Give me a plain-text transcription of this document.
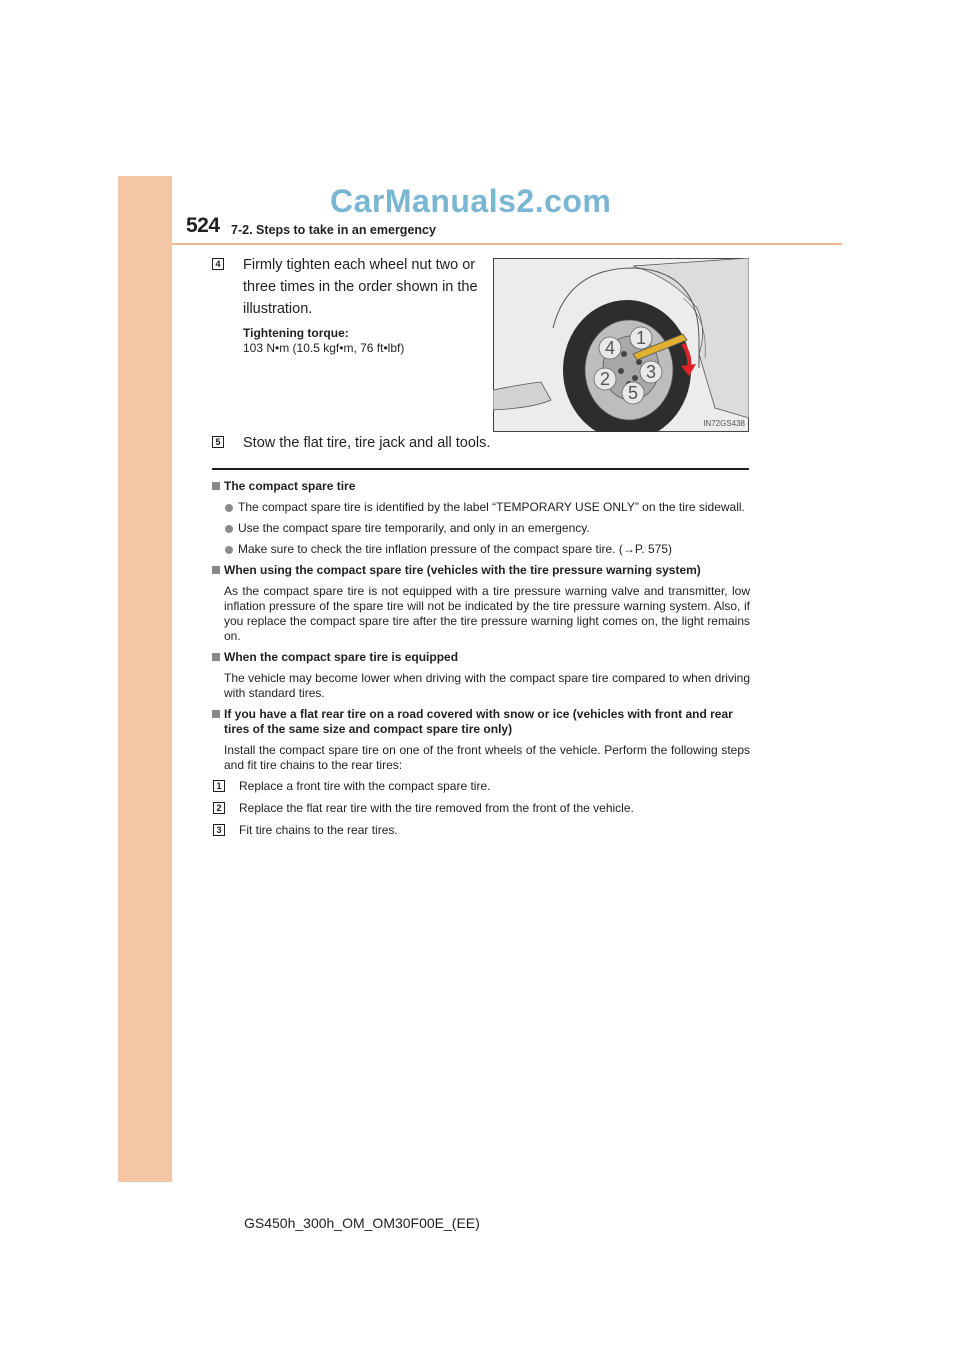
524 7-2. Steps to take in an emergency
CarManuals2.com
4 Firmly tighten each wheel nut two or three times in the order shown in the illustration.
Tightening torque:
103 N•m (10.5 kgf•m, 76 ft•lbf)	1
2 3
4
5
IN72GS438
5 Stow the flat tire, tire jack and all tools.
The compact spare tire
The compact spare tire is identified by the label “TEMPORARY USE ONLY” on the tire sidewall.
Use the compact spare tire temporarily, and only in an emergency.
Make sure to check the tire inflation pressure of the compact spare tire. (→P. 575)
When using the compact spare tire (vehicles with the tire pressure warning system)
As the compact spare tire is not equipped with a tire pressure warning valve and transmitter, low inflation pressure of the spare tire will not be indicated by the tire pressure warning system. Also, if you replace the compact spare tire after the tire pressure warning light comes on, the light remains on.
When the compact spare tire is equipped
The vehicle may become lower when driving with the compact spare tire compared to when driving with standard tires.
If you have a flat rear tire on a road covered with snow or ice (vehicles with front and rear tires of the same size and compact spare tire only)
Install the compact spare tire on one of the front wheels of the vehicle. Perform the following steps and fit tire chains to the rear tires:
1 Replace a front tire with the compact spare tire.
2 Replace the flat rear tire with the tire removed from the front of the vehicle.
3 Fit tire chains to the rear tires.
GS450h_300h_OM_OM30F00E_(EE)
